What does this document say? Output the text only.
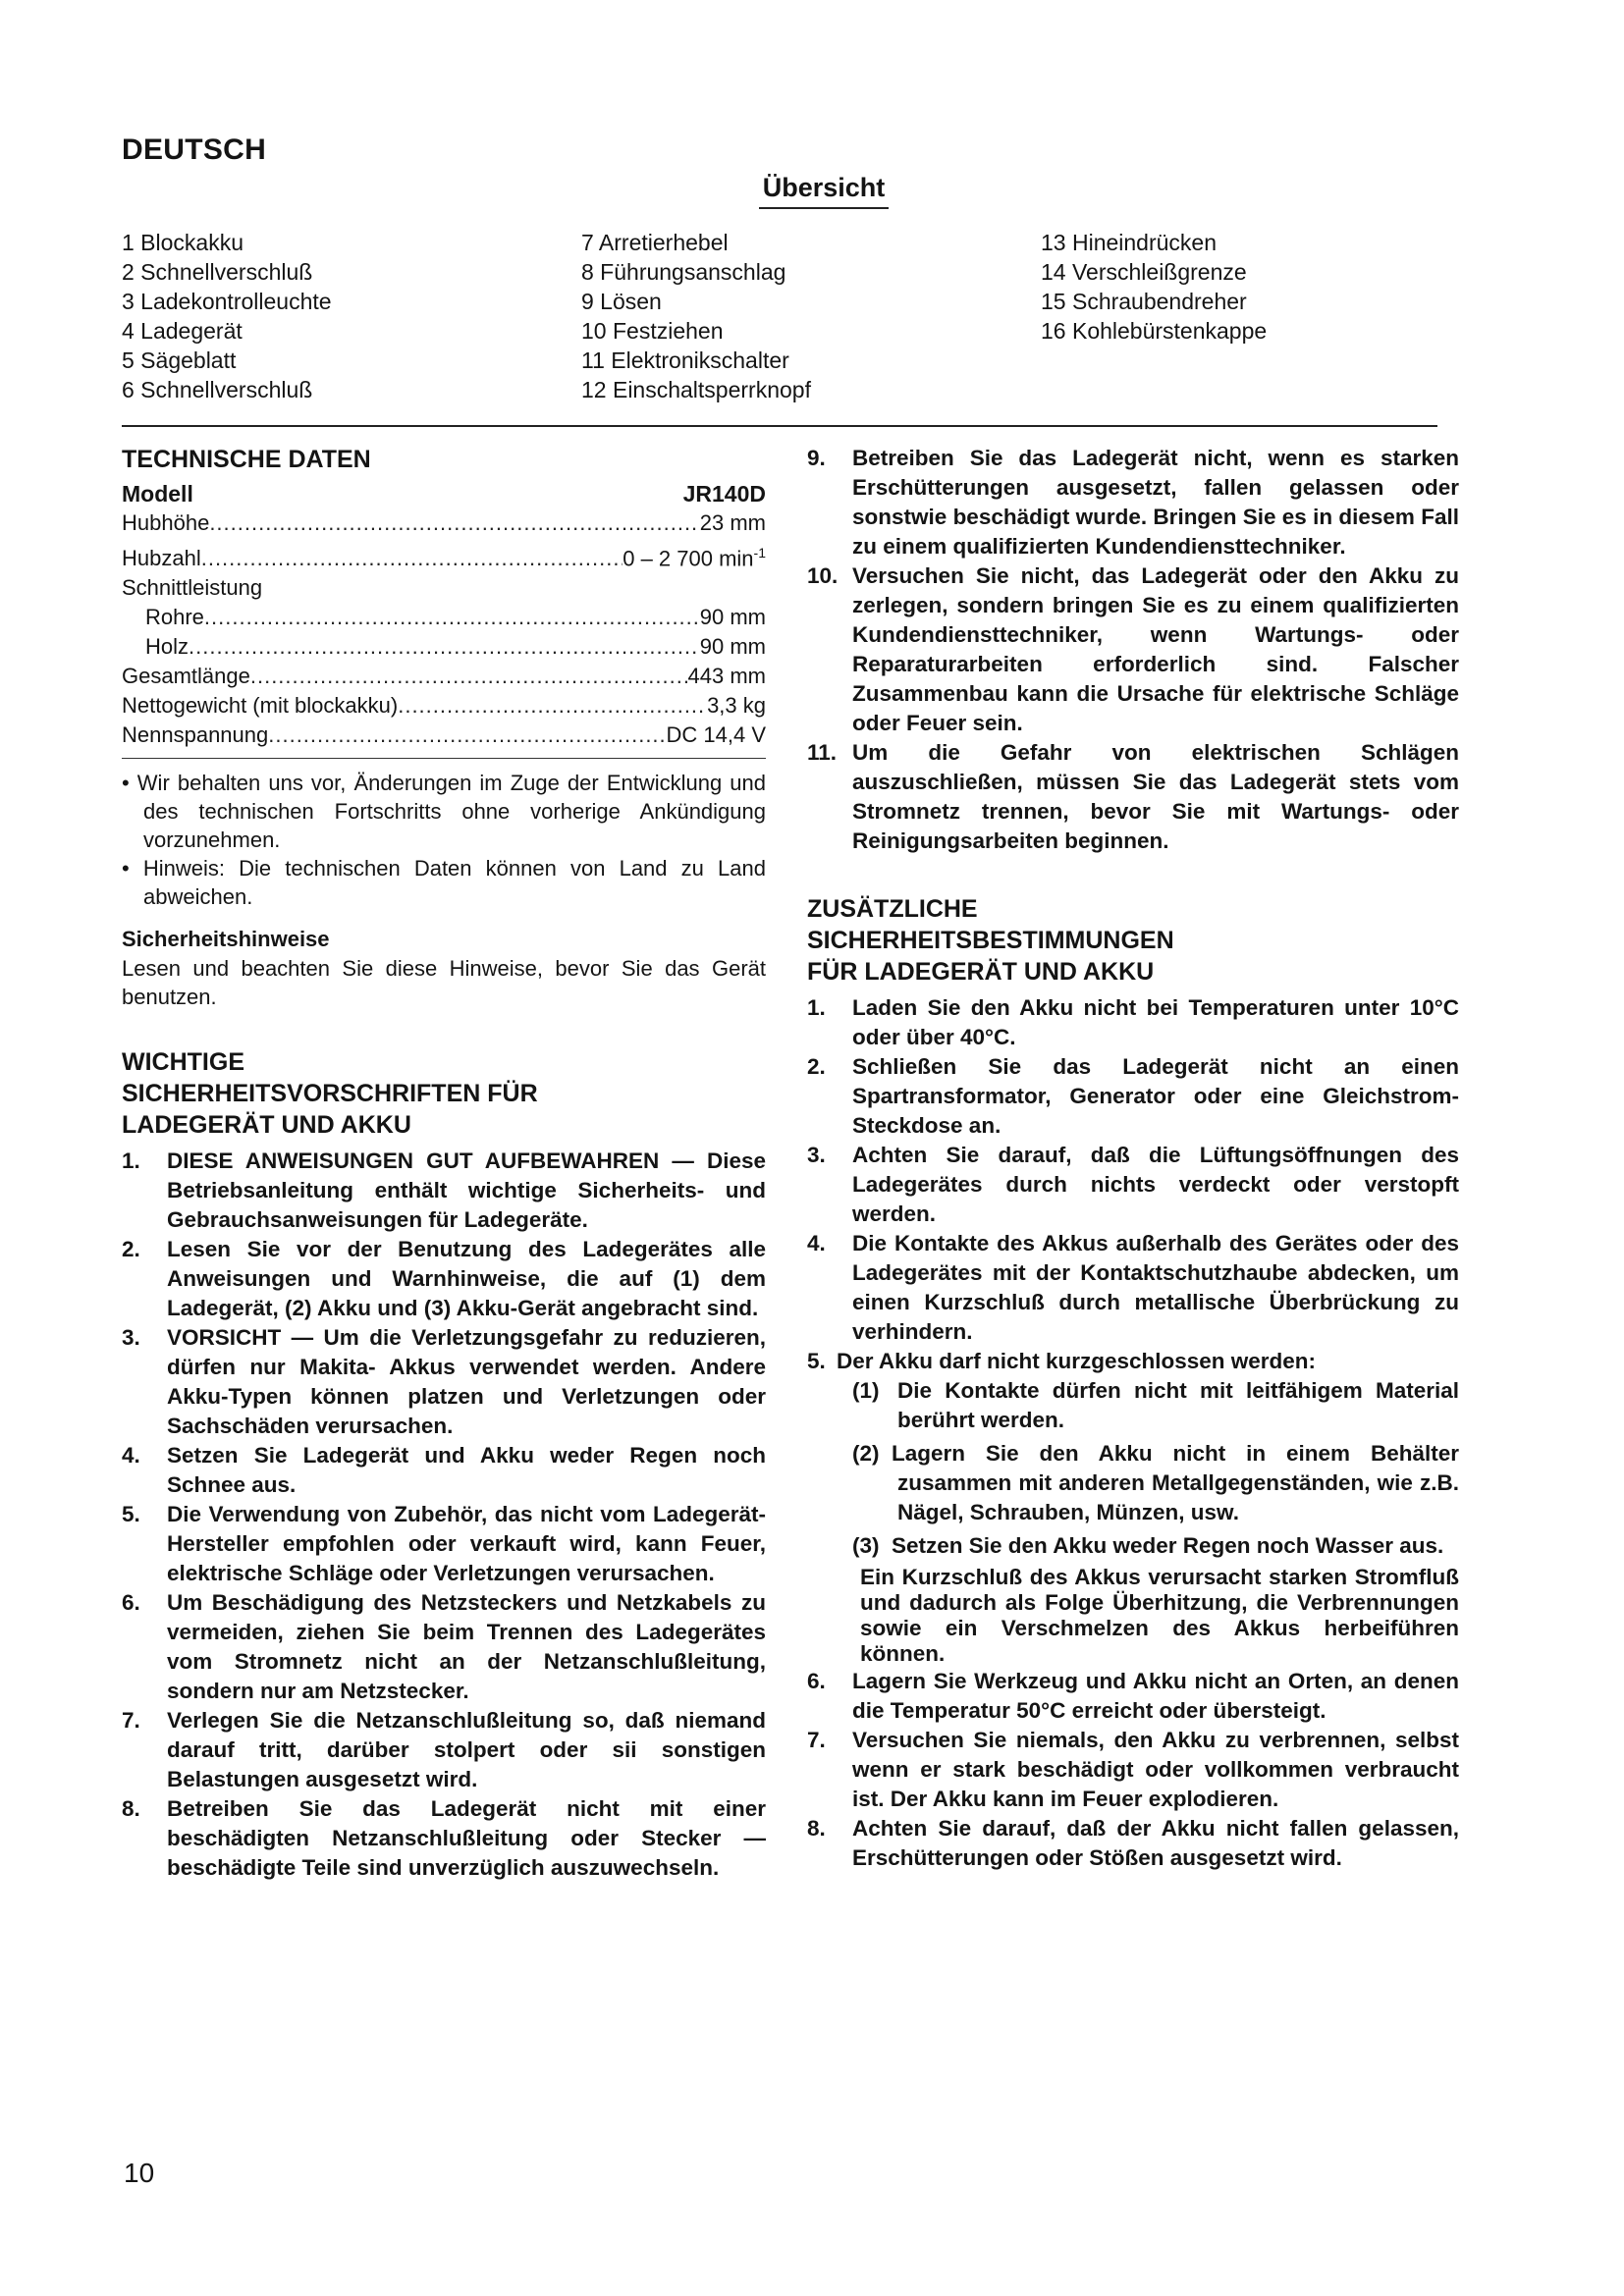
DEUTSCH
Übersicht
1 Blockakku
2 Schnellverschluß
3 Ladekontrolleuchte
4 Ladegerät
5 Sägeblatt
6 Schnellverschluß
7 Arretierhebel
8 Führungsanschlag
9 Lösen
10 Festziehen
11 Elektronikschalter
12 Einschaltsperrknopf
13 Hineindrücken
14 Verschleißgrenze
15 Schraubendreher
16 Kohlebürstenkappe
TECHNISCHE DATEN
Modell	JR140D
Hubhöhe .....	23 mm
Hubzahl .....	0 – 2 700 $\min^{-1}$
Schnittleistung
Rohre .....	90 mm
Holz .....	90 mm
Gesamtlänge .....	443 mm
Nettogewicht (mit blockakku) .....	3,3 kg
Nennspannung .....	DC 14,4 V
• Wir behalten uns vor, Änderungen im Zuge der Entwicklung und des technischen Fortschritts ohne vorherige Ankündigung vorzunehmen.
• Hinweis: Die technischen Daten können von Land zu Land abweichen.
Sicherheitshinweise
Lesen und beachten Sie diese Hinweise, bevor Sie das Gerät benutzen.
WICHTIGE
SICHERHEITSVORSCHRIFTEN FÜR
LADEGERÄT UND AKKU
1. DIESE ANWEISUNGEN GUT AUFBEWAHREN — Diese Betriebsanleitung enthält wichtige Sicherheits- und Gebrauchsanweisungen für Ladegeräte.
2. Lesen Sie vor der Benutzung des Ladegerätes alle Anweisungen und Warnhinweise, die auf (1) dem Ladegerät, (2) Akku und (3) Akku-Gerät angebracht sind.
3. VORSICHT — Um die Verletzungsgefahr zu reduzieren, dürfen nur Makita- Akkus verwendet werden. Andere Akku-Typen können platzen und Verletzungen oder Sachschäden verursachen.
4. Setzen Sie Ladegerät und Akku weder Regen noch Schnee aus.
5. Die Verwendung von Zubehör, das nicht vom Ladegerät-Hersteller empfohlen oder verkauft wird, kann Feuer, elektrische Schläge oder Verletzungen verursachen.
6. Um Beschädigung des Netzsteckers und Netzkabels zu vermeiden, ziehen Sie beim Trennen des Ladegerätes vom Stromnetz nicht an der Netzanschlußleitung, sondern nur am Netzstecker.
7. Verlegen Sie die Netzanschlußleitung so, daß niemand darauf tritt, darüber stolpert oder sii sonstigen Belastungen ausgesetzt wird.
8. Betreiben Sie das Ladegerät nicht mit einer beschädigten Netzanschlußleitung oder Stecker — beschädigte Teile sind unverzüglich auszuwechseln.
9. Betreiben Sie das Ladegerät nicht, wenn es starken Erschütterungen ausgesetzt, fallen gelassen oder sonstwie beschädigt wurde. Bringen Sie es in diesem Fall zu einem qualifizierten Kundendiensttechniker.
10. Versuchen Sie nicht, das Ladegerät oder den Akku zu zerlegen, sondern bringen Sie es zu einem qualifizierten Kundendiensttechniker, wenn Wartungs- oder Reparaturarbeiten erforderlich sind. Falscher Zusammenbau kann die Ursache für elektrische Schläge oder Feuer sein.
11. Um die Gefahr von elektrischen Schlägen auszuschließen, müssen Sie das Ladegerät stets vom Stromnetz trennen, bevor Sie mit Wartungs- oder Reinigungsarbeiten beginnen.
ZUSÄTZLICHE
SICHERHEITSBESTIMMUNGEN
FÜR LADEGERÄT UND AKKU
1. Laden Sie den Akku nicht bei Temperaturen unter 10°C oder über 40°C.
2. Schließen Sie das Ladegerät nicht an einen Spartransformator, Generator oder eine Gleichstrom-Steckdose an.
3. Achten Sie darauf, daß die Lüftungsöffnungen des Ladegerätes durch nichts verdeckt oder verstopft werden.
4. Die Kontakte des Akkus außerhalb des Gerätes oder des Ladegerätes mit der Kontaktschutzhaube abdecken, um einen Kurzschluß durch metallische Überbrückung zu verhindern.
5. Der Akku darf nicht kurzgeschlossen werden:
(1) Die Kontakte dürfen nicht mit leitfähigem Material berührt werden.
(2) Lagern Sie den Akku nicht in einem Behälter zusammen mit anderen Metallgegenständen, wie z.B. Nägel, Schrauben, Münzen, usw.
(3) Setzen Sie den Akku weder Regen noch Wasser aus.
Ein Kurzschluß des Akkus verursacht starken Stromfluß und dadurch als Folge Überhitzung, die Verbrennungen sowie ein Verschmelzen des Akkus herbeiführen können.
6. Lagern Sie Werkzeug und Akku nicht an Orten, an denen die Temperatur 50°C erreicht oder übersteigt.
7. Versuchen Sie niemals, den Akku zu verbrennen, selbst wenn er stark beschädigt oder vollkommen verbraucht ist. Der Akku kann im Feuer explodieren.
8. Achten Sie darauf, daß der Akku nicht fallen gelassen, Erschütterungen oder Stößen ausgesetzt wird.
10
